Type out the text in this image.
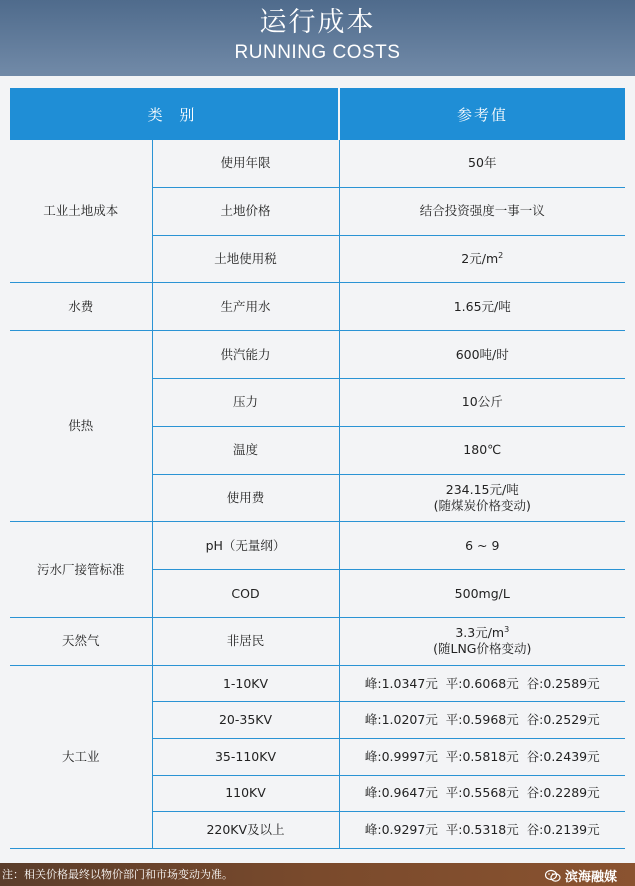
运行成本
RUNNING COSTS
类 别		参考值
工业土地成本	使用年限	50年
	土地价格	结合投资强度一事一议
	土地使用税	2元$/m^2$
水费	生产用水	1.65元/吨
供热	供汽能力	600吨/时
	压力	10公斤
	温度	180℃
	使用费	234.15元/吨
(随煤炭价格变动)

污水厂接管标准	pH（无量纲）	6 ~ 9
	COD	500mg/L
天然气	非居民	3.3元$/m^3$
(随LNG价格变动)

大工业	1-10KV	峰:1.0347元  平:0.6068元  谷:0.2589元
	20-35KV	峰:1.0207元  平:0.5968元  谷:0.2529元
	35-110KV	峰:0.9997元  平:0.5818元  谷:0.2439元
	110KV	峰:0.9647元  平:0.5568元  谷:0.2289元
	220KV及以上	峰:0.9297元  平:0.5318元  谷:0.2139元
注：相关价格最终以物价部门和市场变动为准。	滨海融媒
